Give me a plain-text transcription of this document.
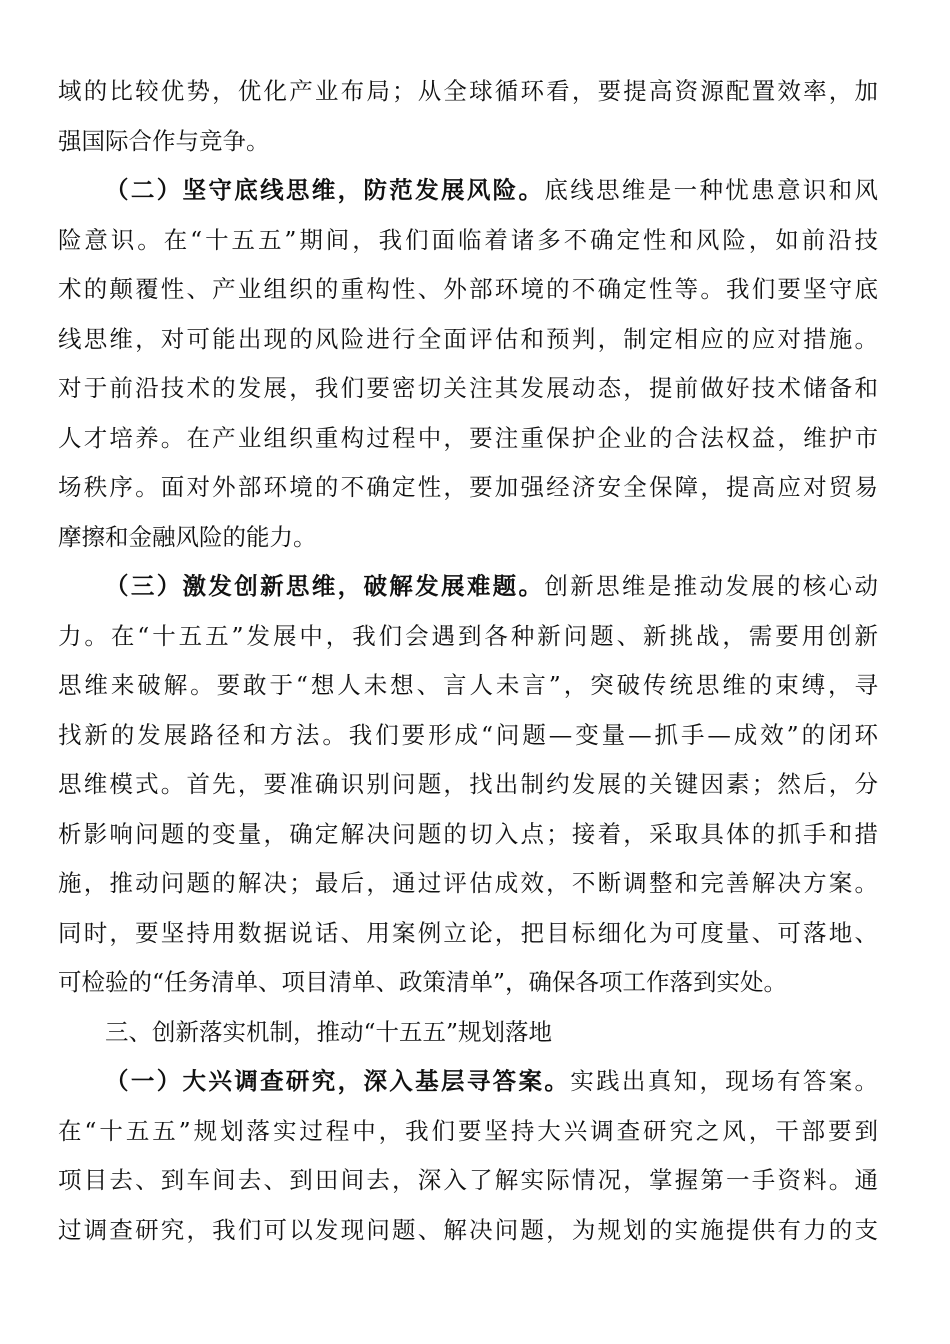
域的比较优势，优化产业布局；从全球循环看，要提高资源配置效率，加
强国际合作与竞争。
（二）坚守底线思维，防范发展风险。底线思维是一种忧患意识和风
险意识。在“十五五”期间，我们面临着诸多不确定性和风险，如前沿技
术的颠覆性、产业组织的重构性、外部环境的不确定性等。我们要坚守底
线思维，对可能出现的风险进行全面评估和预判，制定相应的应对措施。
对于前沿技术的发展，我们要密切关注其发展动态，提前做好技术储备和
人才培养。在产业组织重构过程中，要注重保护企业的合法权益，维护市
场秩序。面对外部环境的不确定性，要加强经济安全保障，提高应对贸易
摩擦和金融风险的能力。
（三）激发创新思维，破解发展难题。创新思维是推动发展的核心动
力。在“十五五”发展中，我们会遇到各种新问题、新挑战，需要用创新
思维来破解。要敢于“想人未想、言人未言”，突破传统思维的束缚，寻
找新的发展路径和方法。我们要形成“问题—变量—抓手—成效”的闭环
思维模式。首先，要准确识别问题，找出制约发展的关键因素；然后，分
析影响问题的变量，确定解决问题的切入点；接着，采取具体的抓手和措
施，推动问题的解决；最后，通过评估成效，不断调整和完善解决方案。
同时，要坚持用数据说话、用案例立论，把目标细化为可度量、可落地、
可检验的“任务清单、项目清单、政策清单”，确保各项工作落到实处。
三、创新落实机制，推动“十五五”规划落地
（一）大兴调查研究，深入基层寻答案。实践出真知，现场有答案。
在“十五五”规划落实过程中，我们要坚持大兴调查研究之风，干部要到
项目去、到车间去、到田间去，深入了解实际情况，掌握第一手资料。通
过调查研究，我们可以发现问题、解决问题，为规划的实施提供有力的支
